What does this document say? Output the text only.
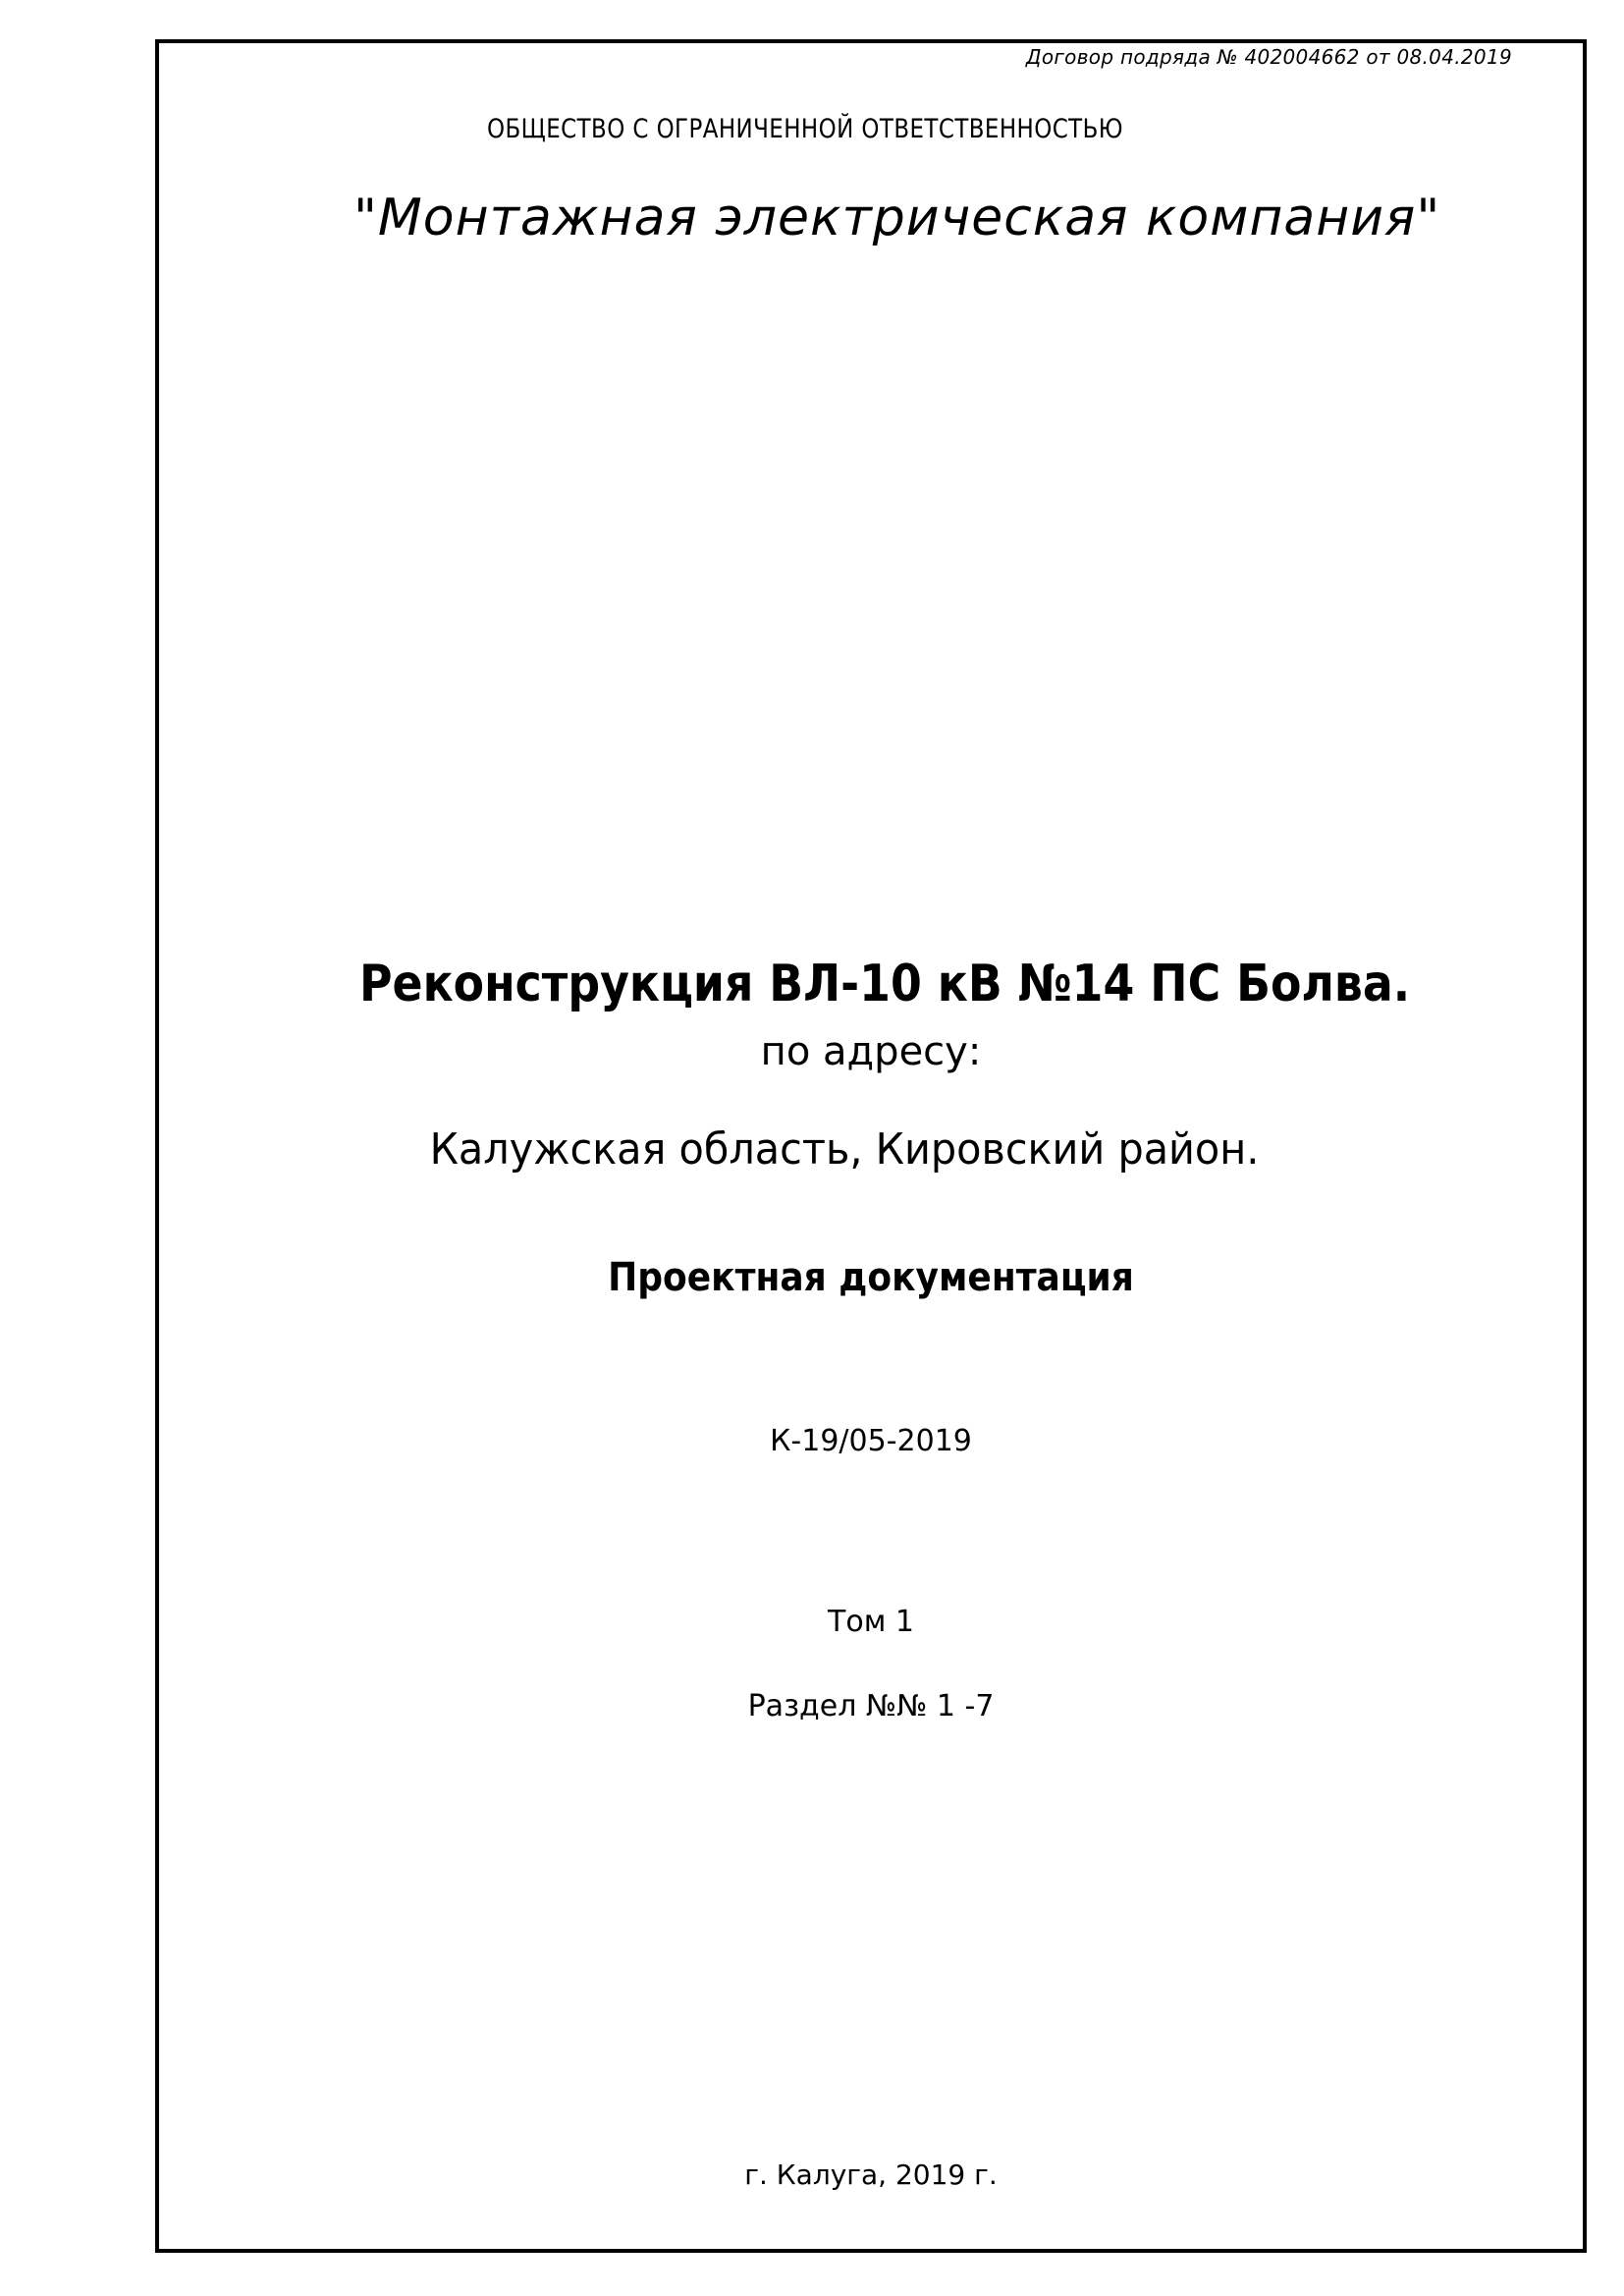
Договор подряда № 402004662 от 08.04.2019
ОБЩЕСТВО С ОГРАНИЧЕННОЙ ОТВЕТСТВЕННОСТЬЮ
"Монтажная электрическая компания"
Реконструкция ВЛ-10 кВ №14 ПС Болва.
по адресу:
Калужская область, Кировский район.
Проектная документация
К-19/05-2019
Том 1
Раздел №№ 1 -7
г. Калуга, 2019 г.
